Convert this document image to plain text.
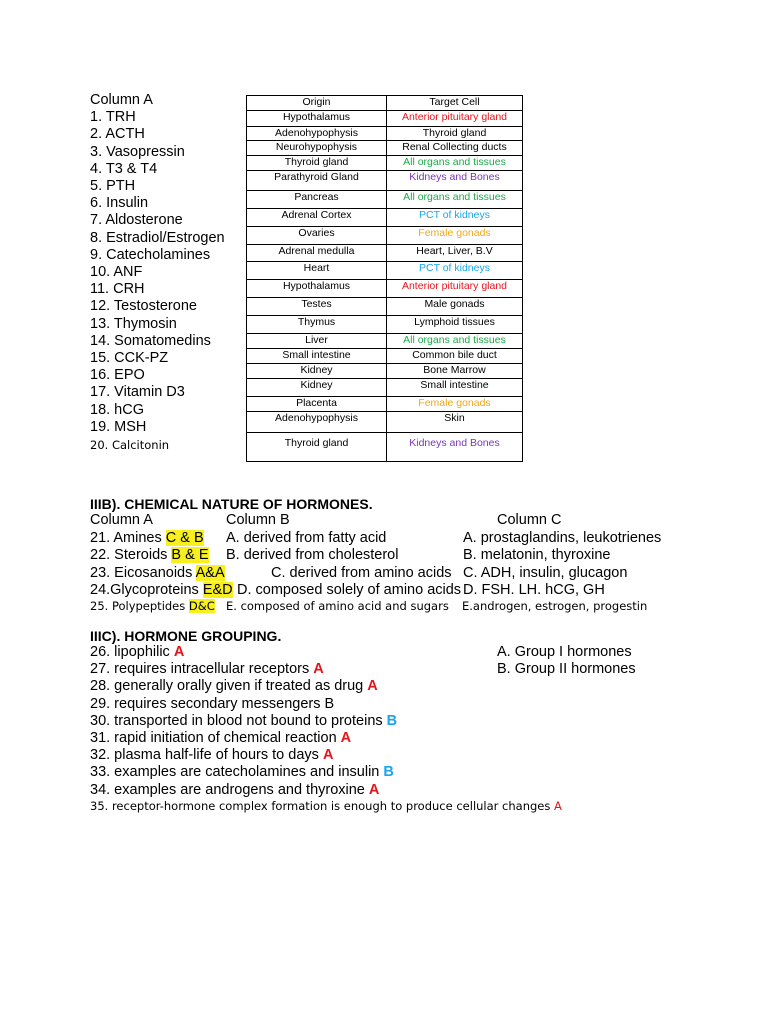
Column A
1. TRH
2. ACTH
3. Vasopressin
4. T3 & T4
5. PTH
6. Insulin
7. Aldosterone
8. Estradiol/Estrogen
9. Catecholamines
10. ANF
11. CRH
12. Testosterone
13. Thymosin
14. Somatomedins
15. CCK-PZ
16. EPO
17. Vitamin D3
18. hCG
19. MSH
20. Calcitonin
Origin	Target Cell
Hypothalamus	Anterior pituitary gland
Adenohypophysis	Thyroid gland
Neurohypophysis	Renal Collecting ducts
Thyroid gland	All organs and tissues
Parathyroid Gland	Kidneys and Bones
Pancreas	All organs and tissues
Adrenal Cortex	PCT of kidneys
Ovaries	Female gonads
Adrenal medulla	Heart, Liver, B.V
Heart	PCT of kidneys
Hypothalamus	Anterior pituitary gland
Testes	Male gonads
Thymus	Lymphoid tissues
Liver	All organs and tissues
Small intestine	Common bile duct
Kidney	Bone Marrow
Kidney	Small intestine
Placenta	Female gonads
Adenohypophysis	Skin
Thyroid gland	Kidneys and Bones
IIIB). CHEMICAL NATURE OF HORMONES.
Column A	Column B	Column C
21. Amines C & B A. derived from fatty acid	A. prostaglandins, leukotrienes
22. Steroids B & E B. derived from cholesterol	B. melatonin, thyroxine
23. Eicosanoids A&A	C. derived from amino acids C. ADH, insulin, glucagon
24.Glycoproteins E&D D. composed solely of amino acids D. FSH. LH. hCG, GH
25. Polypeptides D&C E. composed of amino acid and sugars E.androgen, estrogen, progestin
IIIC). HORMONE GROUPING.
A. Group I hormones
B. Group II hormones
26. lipophilic A
27. requires intracellular receptors A
28. generally orally given if treated as drug A
29. requires secondary messengers B
30. transported in blood not bound to proteins B
31. rapid initiation of chemical reaction A
32. plasma half-life of hours to days A
33. examples are catecholamines and insulin B
34. examples are androgens and thyroxine A
35. receptor-hormone complex formation is enough to produce cellular changes A
